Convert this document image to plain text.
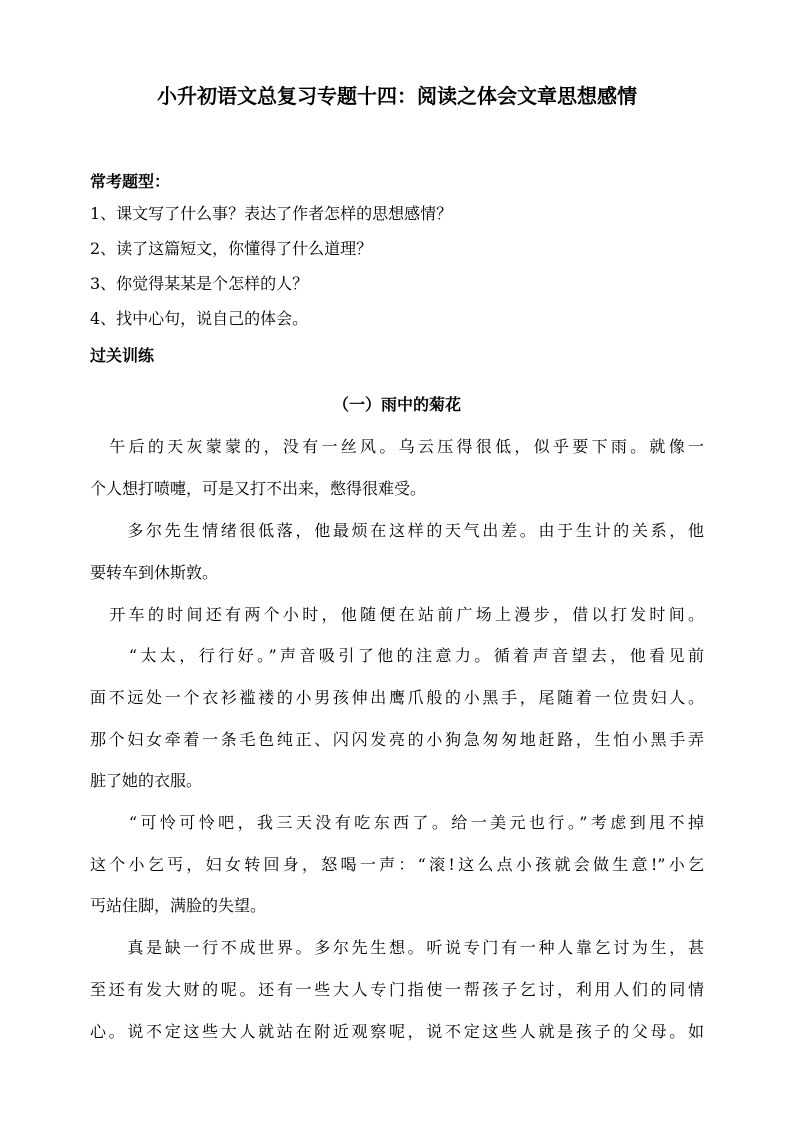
小升初语文总复习专题十四：阅读之体会文章思想感情
常考题型：
1、课文写了什么事？表达了作者怎样的思想感情？
2、读了这篇短文，你懂得了什么道理？
3、你觉得某某是个怎样的人？
4、找中心句，说自己的体会。
过关训练
（一）雨中的菊花
　午后的天灰蒙蒙的，没有一丝风。乌云压得很低，似乎要下雨。就像一
个人想打喷嚏，可是又打不出来，憋得很难受。
　　多尔先生情绪很低落，他最烦在这样的天气出差。由于生计的关系，他
要转车到休斯敦。
　开车的时间还有两个小时，他随便在站前广场上漫步，借以打发时间。
　　“太太，行行好。”声音吸引了他的注意力。循着声音望去，他看见前
面不远处一个衣衫褴褛的小男孩伸出鹰爪般的小黑手，尾随着一位贵妇人。
那个妇女牵着一条毛色纯正、闪闪发亮的小狗急匆匆地赶路，生怕小黑手弄
脏了她的衣服。
　　“可怜可怜吧，我三天没有吃东西了。给一美元也行。”考虑到甩不掉
这个小乞丐，妇女转回身，怒喝一声：“滚!这么点小孩就会做生意!”小乞
丐站住脚，满脸的失望。
　　真是缺一行不成世界。多尔先生想。听说专门有一种人靠乞讨为生，甚
至还有发大财的呢。还有一些大人专门指使一帮孩子乞讨，利用人们的同情
心。说不定这些大人就站在附近观察呢，说不定这些人就是孩子的父母。如
